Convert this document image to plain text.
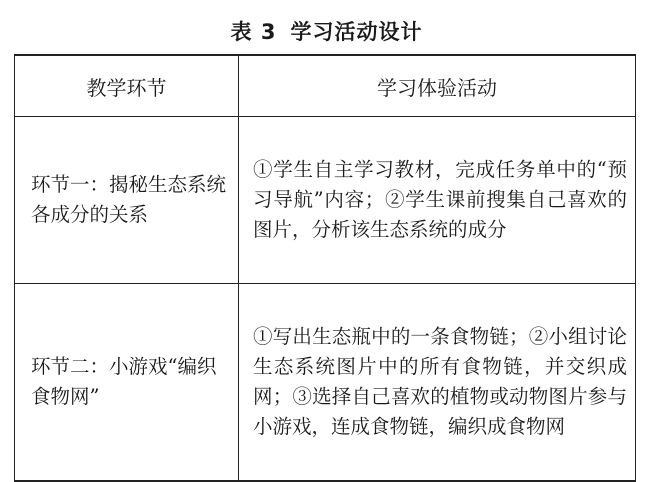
表 3 学习活动设计
教学环节	学习体验活动
环节一：揭秘生态系统各成分的关系	①学生自主学习教材，完成任务单中的“预习导航”内容；②学生课前搜集自己喜欢的图片，分析该生态系统的成分
环节二：小游戏“编织食物网”	①写出生态瓶中的一条食物链；②小组讨论生态系统图片中的所有食物链，并交织成网；③选择自己喜欢的植物或动物图片参与小游戏，连成食物链，编织成食物网
